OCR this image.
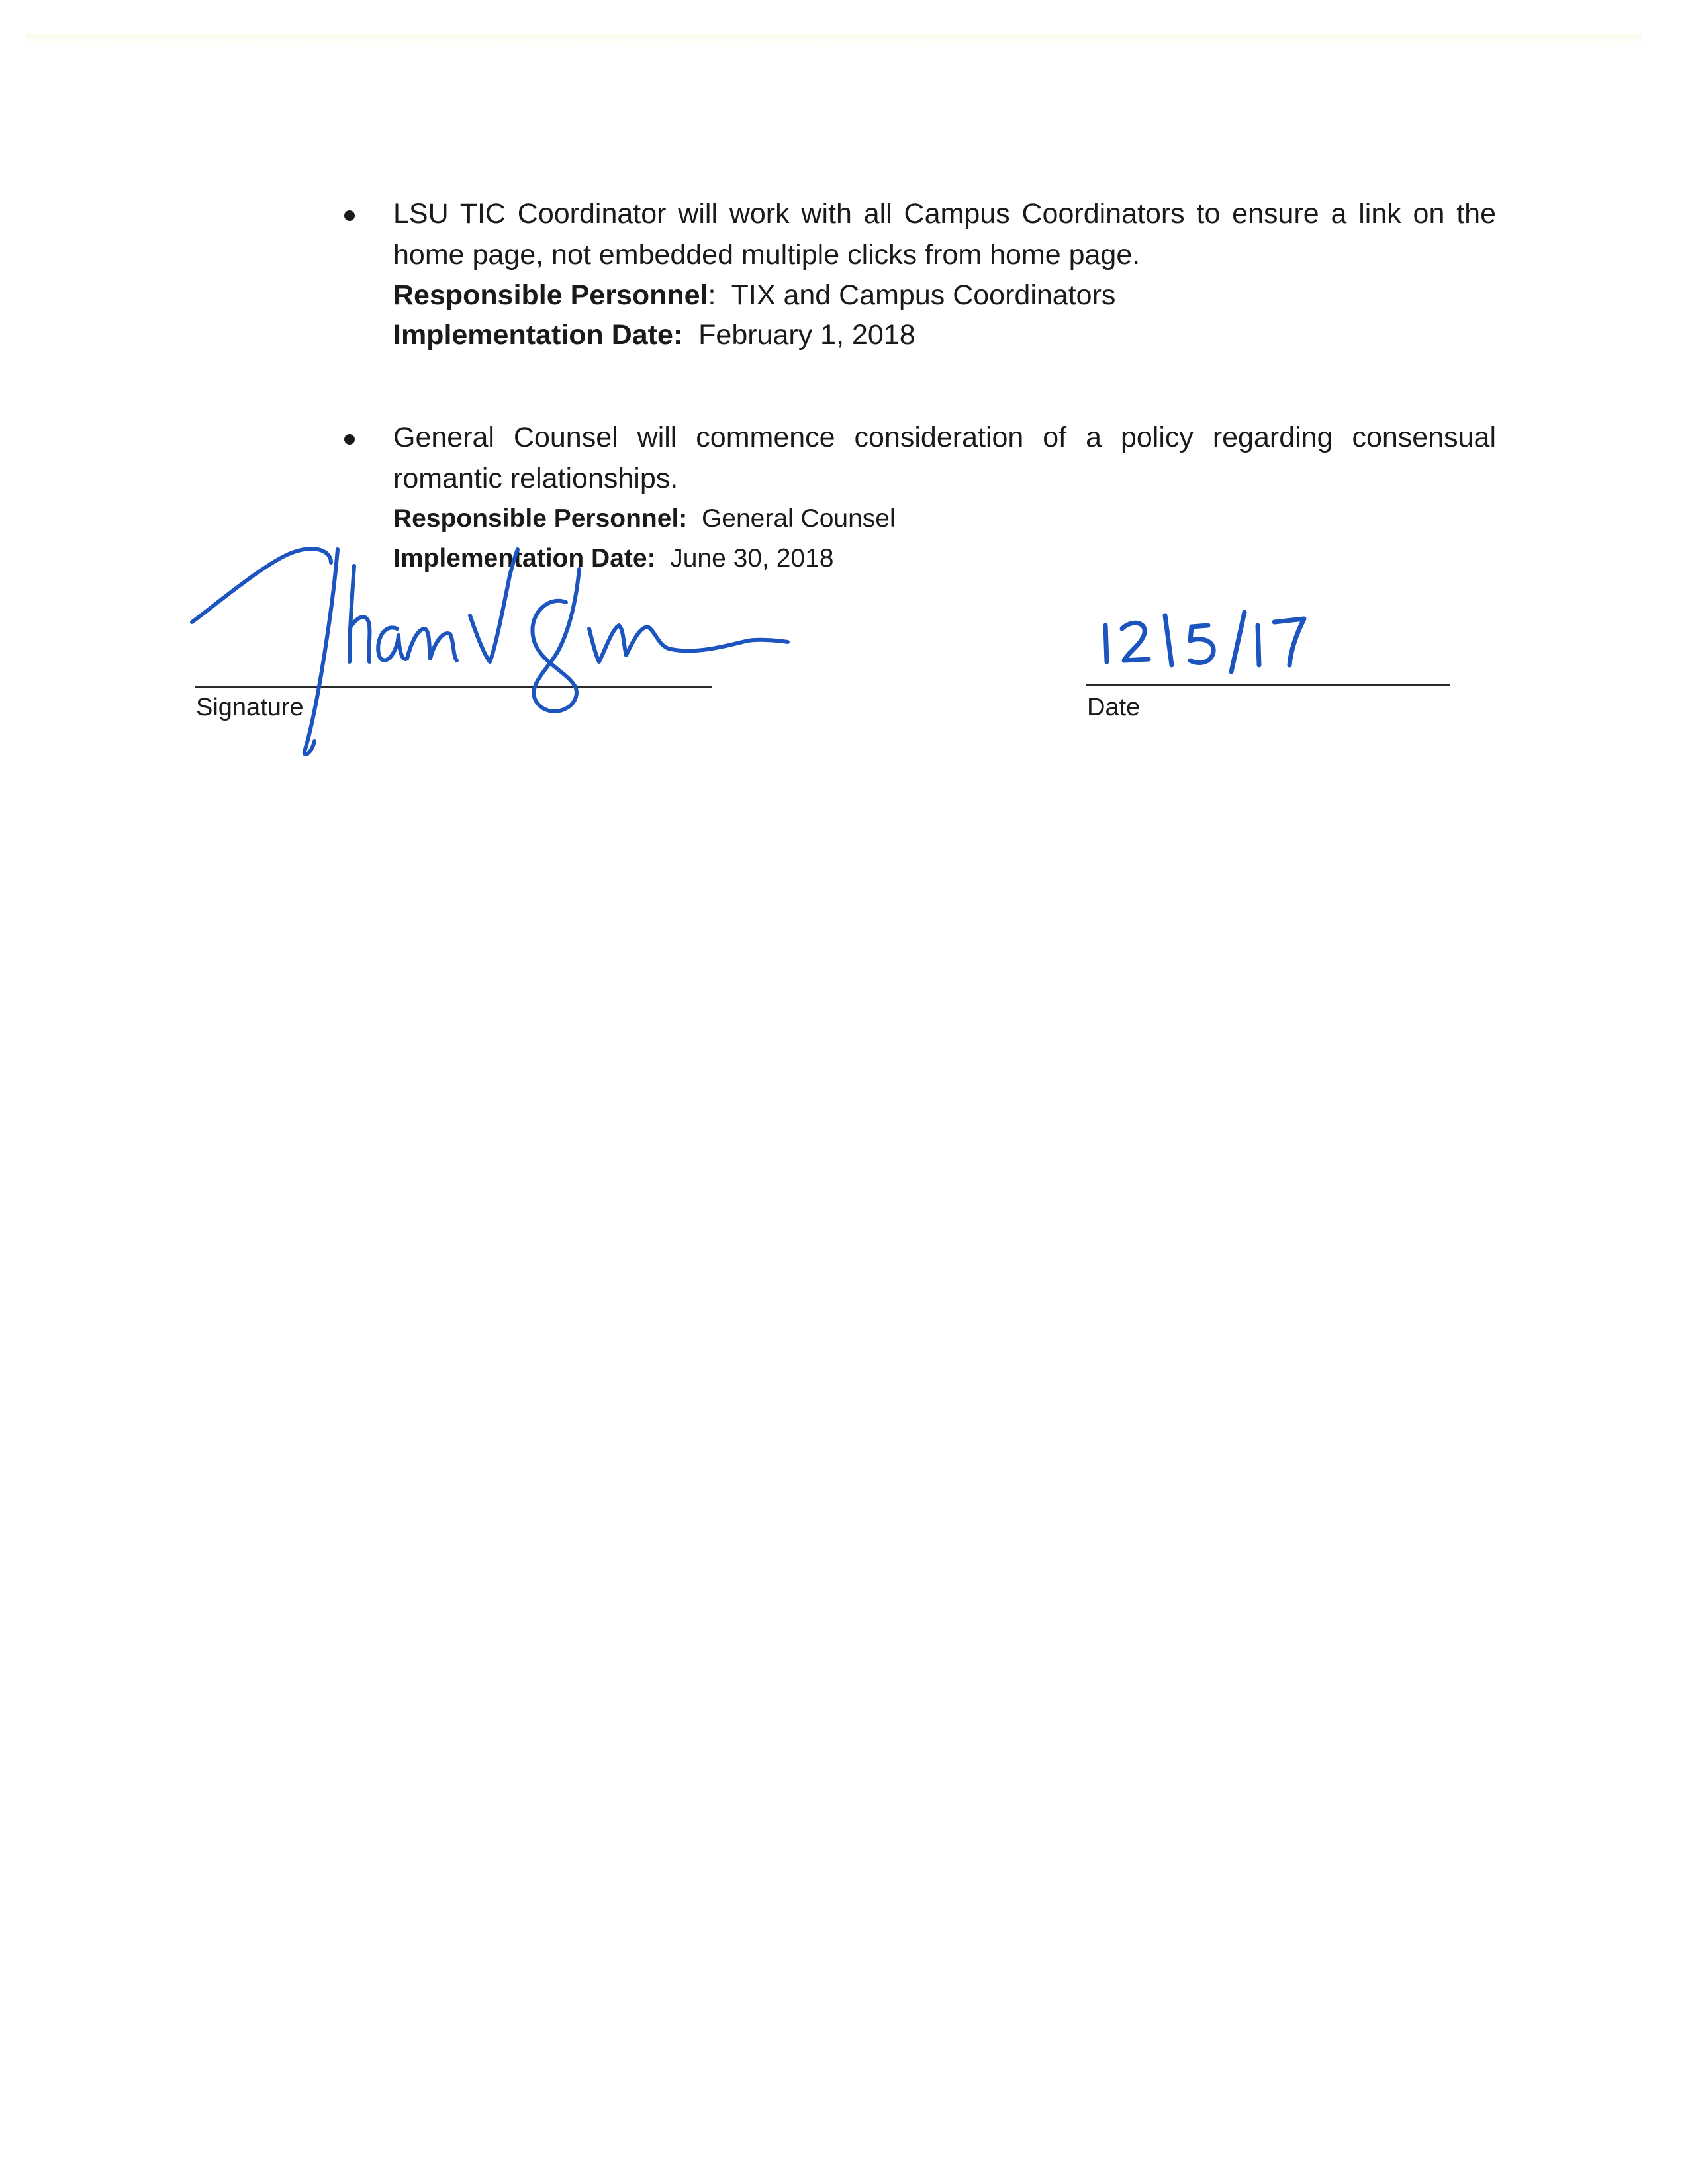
LSU TIC Coordinator will work with all Campus Coordinators to ensure a link on the home page, not embedded multiple clicks from home page.

Responsible Personnel: TIX and Campus Coordinators

Implementation Date: February 1, 2018

General Counsel will commence consideration of a policy regarding consensual romantic relationships.

Responsible Personnel: General Counsel

Implementation Date: June 30, 2018

Signature	Date
